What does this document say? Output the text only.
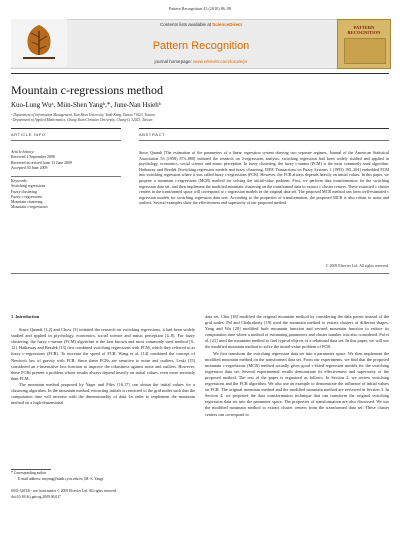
Pattern Recognition 43 (2010) 86–98
Contents lists available at ScienceDirect
Pattern Recognition
journal homepage: www.elsevier.com/locate/pr
PATTERN RECOGNITION
Mountain c-regressions method
Kuo-Lung Wuᵃ, Miin-Shen Yangᵇ,*, June-Nan Hsiehᵇ
ᵃ Department of Information Management, Kun Shan University, Yunk-Kang, Tainan 71023, Taiwan
ᵇ Department of Applied Mathematics, Chung Yuan Christian University, Chung-Li 32023, Taiwan
ARTICLE INFO	ABSTRACT
Article history:
Received 2 September 2008
Received in revised form 13 June 2009
Accepted 30 June 2009
Keywords:
Switching regressions
Fuzzy clustering
Fuzzy c-regressions
Mountain clustering
Mountain c-regressions

Since Quandt [The estimation of the parameters of a linear regression system obeying two separate regimes, Journal of the American Statistical Association 53 (1958) 873–880] initiated the research on 2-regressions analysis, switching regression had been widely studied and applied in psychology, economics, social science and music perception. In fuzzy clustering, the fuzzy c-means (FCM) is the most commonly used algorithm. Hathaway and Bezdek [Switching regression models and fuzzy clustering, IEEE Transactions on Fuzzy Systems 1 (1993) 195–204] embedded FCM into switching regression where it was called fuzzy c-regressions (FCR). However, the FCR always depends heavily on initial values. In this paper, we propose a mountain c-regressions (MCR) method for solving the initial-value problem. First, we perform data transformation for the switching regression data set, and then implement the modified mountain clustering on the transformed data to extract c cluster centers. These extracted c cluster centers in the transformed space will correspond to c regression models in the original data set. The proposed MCR method can form well-estimated c regression models for switching regression data sets. According to the properties of transformation, the proposed MCR is also robust to noise and outliers. Several examples show the effectiveness and superiority of our proposed method.

© 2009 Elsevier Ltd. All rights reserved.
1. Introduction

Since Quandt [1,2] and Chow [3] initiated the research on switching regressions, it had been widely studied and applied in psychology, economics, social science and music perception [4–8]. For fuzzy clustering, the fuzzy c-means (FCM) algorithm is the best known and most commonly used method [9–12]. Hathaway and Bezdek [13] first combined switching regressions with FCM, which they referred to as fuzzy c-regressions (FCR). To increase the speed of FCR, Wang et al. [14] combined the concept of Newton's law of gravity with FCR. Since these FCRs are sensitive to noise and outliers, Leski [15] considered an ε-insensitive loss function to improve the robustness against noise and outliers. However, these FCRs present a problem whose results always depend heavily on initial values, even more seriously than FCM.

The mountain method proposed by Yager and Filev [16,17] can obtain the initial values for a clustering algorithm. In the mountain method, extracting initials is restricted to the grid nodes such that the computation time will increase with the dimensionality of data. In order to implement the mountain method on a high-dimensional

data set, Chiu [18] modified the original mountain method by considering the data points instead of the grid nodes. Pal and Chakraborty [19] used the mountain method to extract clusters of different shapes. Yang and Wu [20] modified both mountain function and revised mountain function to reduce its computation time where a method of estimating parameters and cluster number was also considered. Pal et al. [21] used the mountain method to find typical objects of a relational data set. In this paper, we will use the modified mountain method to solve the initial-value problem of FCR.

We first transform the switching regression data set into a parameter space. We then implement the modified mountain method on the transformed data set. From our experiments, we find that the proposed mountain c-regressions (MCR) method actually gives good c-fitted regression models for the switching regression data set. Several experimental results demonstrate its effectiveness and superiority of the proposed method. The rest of the paper is organized as follows. In Section 2, we review switching regressions and the FCR algorithm. We also use an example to demonstrate the influence of initial values on FCR. The original mountain method and the modified mountain method are reviewed in Section 3. In Section 4, we proposed the data transformation technique that can transform the original switching regression data set into the parameter space. The properties of transformation are also discussed. We use the modified mountain method to extract cluster centers from the transformed data set. These cluster centers can correspond to

* Corresponding author.
E-mail address: msyang@math.cycu.edu.tw (M.-S. Yang).
0031-3203/$ - see front matter © 2009 Elsevier Ltd. All rights reserved.
doi:10.1016/j.patcog.2009.06.017
